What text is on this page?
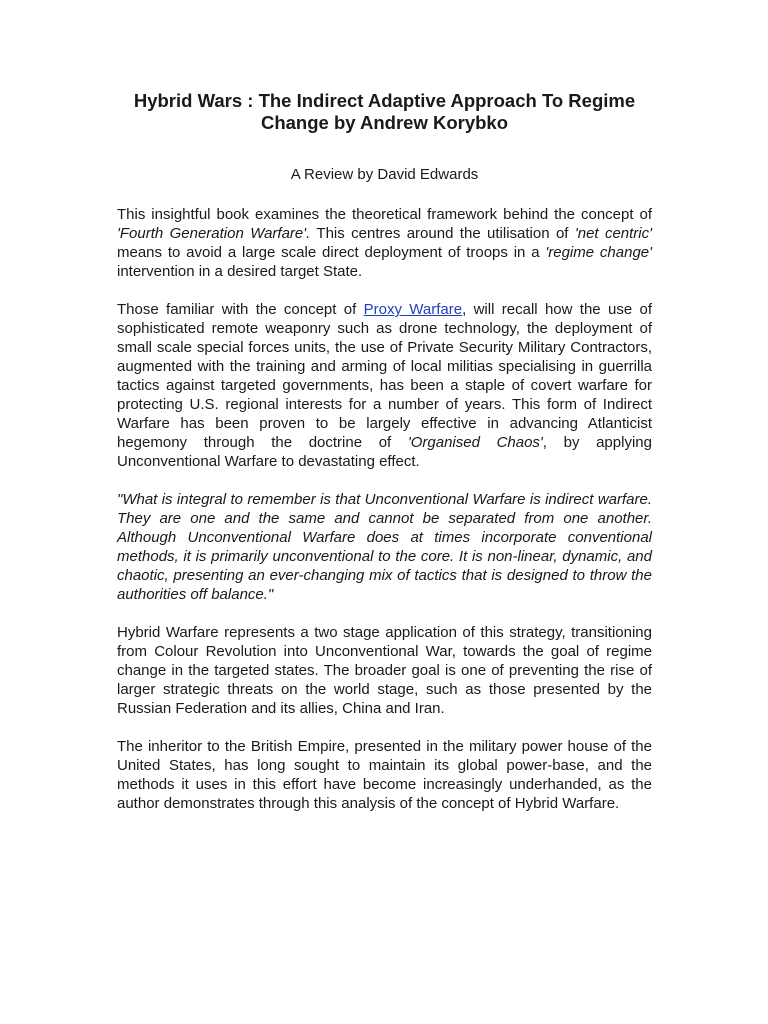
Hybrid Wars : The Indirect Adaptive Approach To Regime Change by Andrew Korybko

A Review by David Edwards

This insightful book examines the theoretical framework behind the concept of 'Fourth Generation Warfare'. This centres around the utilisation of 'net centric' means to avoid a large scale direct deployment of troops in a 'regime change' intervention in a desired target State.

Those familiar with the concept of Proxy Warfare, will recall how the use of sophisticated remote weaponry such as drone technology, the deployment of small scale special forces units, the use of Private Security Military Contractors, augmented with the training and arming of local militias specialising in guerrilla tactics against targeted governments, has been a staple of covert warfare for protecting U.S. regional interests for a number of years. This form of Indirect Warfare has been proven to be largely effective in advancing Atlanticist hegemony through the doctrine of 'Organised Chaos', by applying Unconventional Warfare to devastating effect.

"What is integral to remember is that Unconventional Warfare is indirect warfare. They are one and the same and cannot be separated from one another. Although Unconventional Warfare does at times incorporate conventional methods, it is primarily unconventional to the core. It is non-linear, dynamic, and chaotic, presenting an ever-changing mix of tactics that is designed to throw the authorities off balance."

Hybrid Warfare represents a two stage application of this strategy, transitioning from Colour Revolution into Unconventional War, towards the goal of regime change in the targeted states. The broader goal is one of preventing the rise of larger strategic threats on the world stage, such as those presented by the Russian Federation and its allies, China and Iran.

The inheritor to the British Empire, presented in the military power house of the United States, has long sought to maintain its global power-base, and the methods it uses in this effort have become increasingly underhanded, as the author demonstrates through this analysis of the concept of Hybrid Warfare.
